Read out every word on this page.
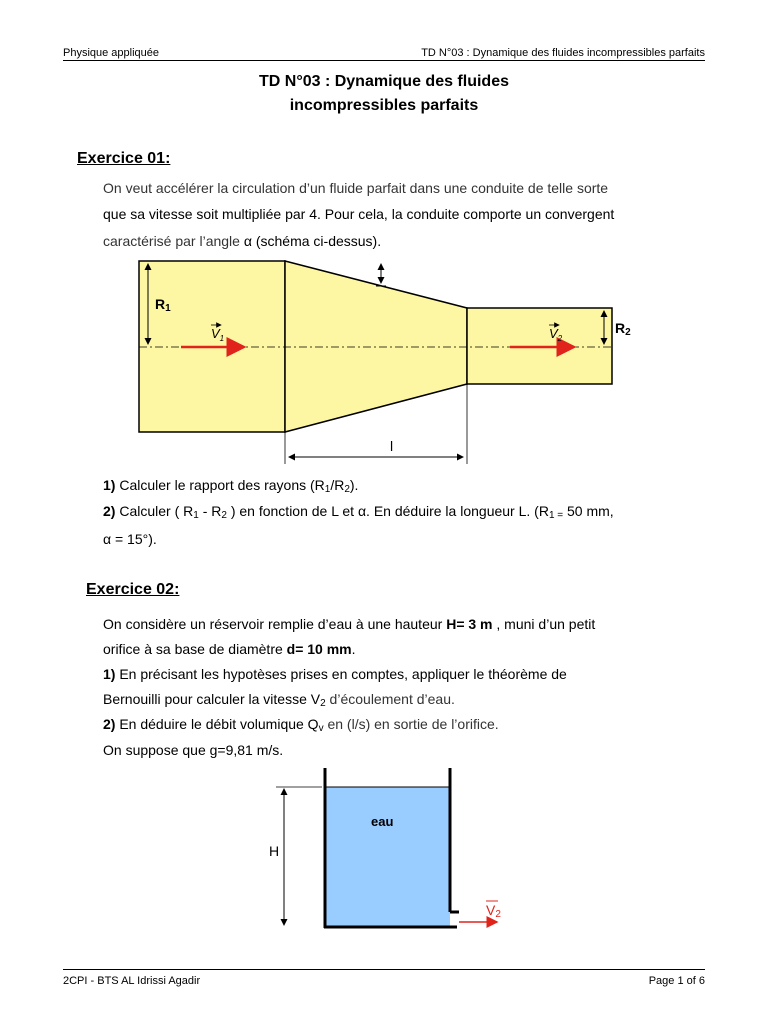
Physique appliquée	TD N°03 : Dynamique des fluides incompressibles parfaits
TD N°03 : Dynamique des fluides
incompressibles parfaits
Exercice 01:
On veut accélérer la circulation d’un fluide parfait dans une conduite de telle sorte
que sa vitesse soit multipliée par 4. Pour cela, la conduite comporte un convergent
caractérisé par l’angle α (schéma ci-dessus).
R1
R2
$V_1$	$V_2$
l
1) Calculer le rapport des rayons $(R_1/R_2)$.
2) Calculer ( $R_1 - R_2$ ) en fonction de L et α. En déduire la longueur L. ($R_{1 =}$ 50 mm,
α = 15°).
Exercice 02:
On considère un réservoir remplie d’eau à une hauteur H= 3 m , muni d’un petit
orifice à sa base de diamètre d= 10 mm.
1) En précisant les hypotèses prises en comptes, appliquer le théorème de
Bernouilli pour calculer la vitesse $V_2$ d’écoulement d’eau.
2) En déduire le débit volumique $Q_v$ en (l/s) en sortie de l’orifice.
On suppose que g=9,81 m/s.
eau
H
V2
2CPI - BTS AL Idrissi Agadir	Page 1 of 6
